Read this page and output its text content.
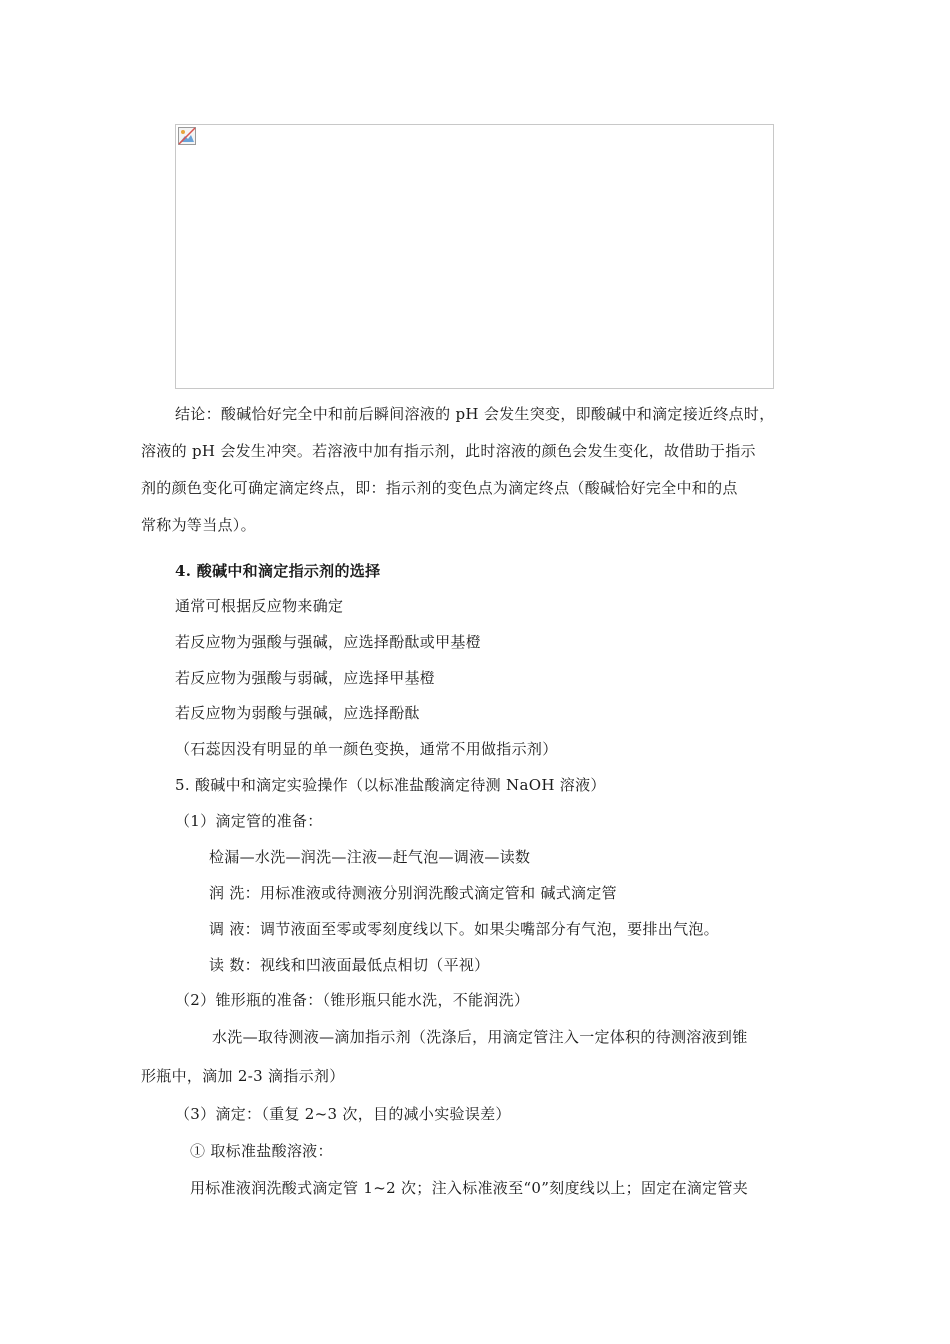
结论：酸碱恰好完全中和前后瞬间溶液的 pH 会发生突变，即酸碱中和滴定接近终点时，
溶液的 pH 会发生冲突。若溶液中加有指示剂，此时溶液的颜色会发生变化，故借助于指示
剂的颜色变化可确定滴定终点，即：指示剂的变色点为滴定终点（酸碱恰好完全中和的点
常称为等当点）。
4. 酸碱中和滴定指示剂的选择
通常可根据反应物来确定
若反应物为强酸与强碱，应选择酚酞或甲基橙
若反应物为强酸与弱碱，应选择甲基橙
若反应物为弱酸与强碱，应选择酚酞
（石蕊因没有明显的单一颜色变换，通常不用做指示剂）
5. 酸碱中和滴定实验操作（以标准盐酸滴定待测 NaOH 溶液）
（1）滴定管的准备：
检漏—水洗—润洗—注液—赶气泡—调液—读数
润 洗：用标准液或待测液分别润洗酸式滴定管和 碱式滴定管
调 液：调节液面至零或零刻度线以下。如果尖嘴部分有气泡，要排出气泡。
读 数：视线和凹液面最低点相切（平视）
（2）锥形瓶的准备：（锥形瓶只能水洗，不能润洗）
水洗—取待测液—滴加指示剂（洗涤后，用滴定管注入一定体积的待测溶液到锥
形瓶中，滴加 2-3 滴指示剂）
（3）滴定：（重复 2~3 次，目的减小实验误差）
① 取标准盐酸溶液：
用标准液润洗酸式滴定管 1~2 次；注入标准液至“0”刻度线以上；固定在滴定管夹
